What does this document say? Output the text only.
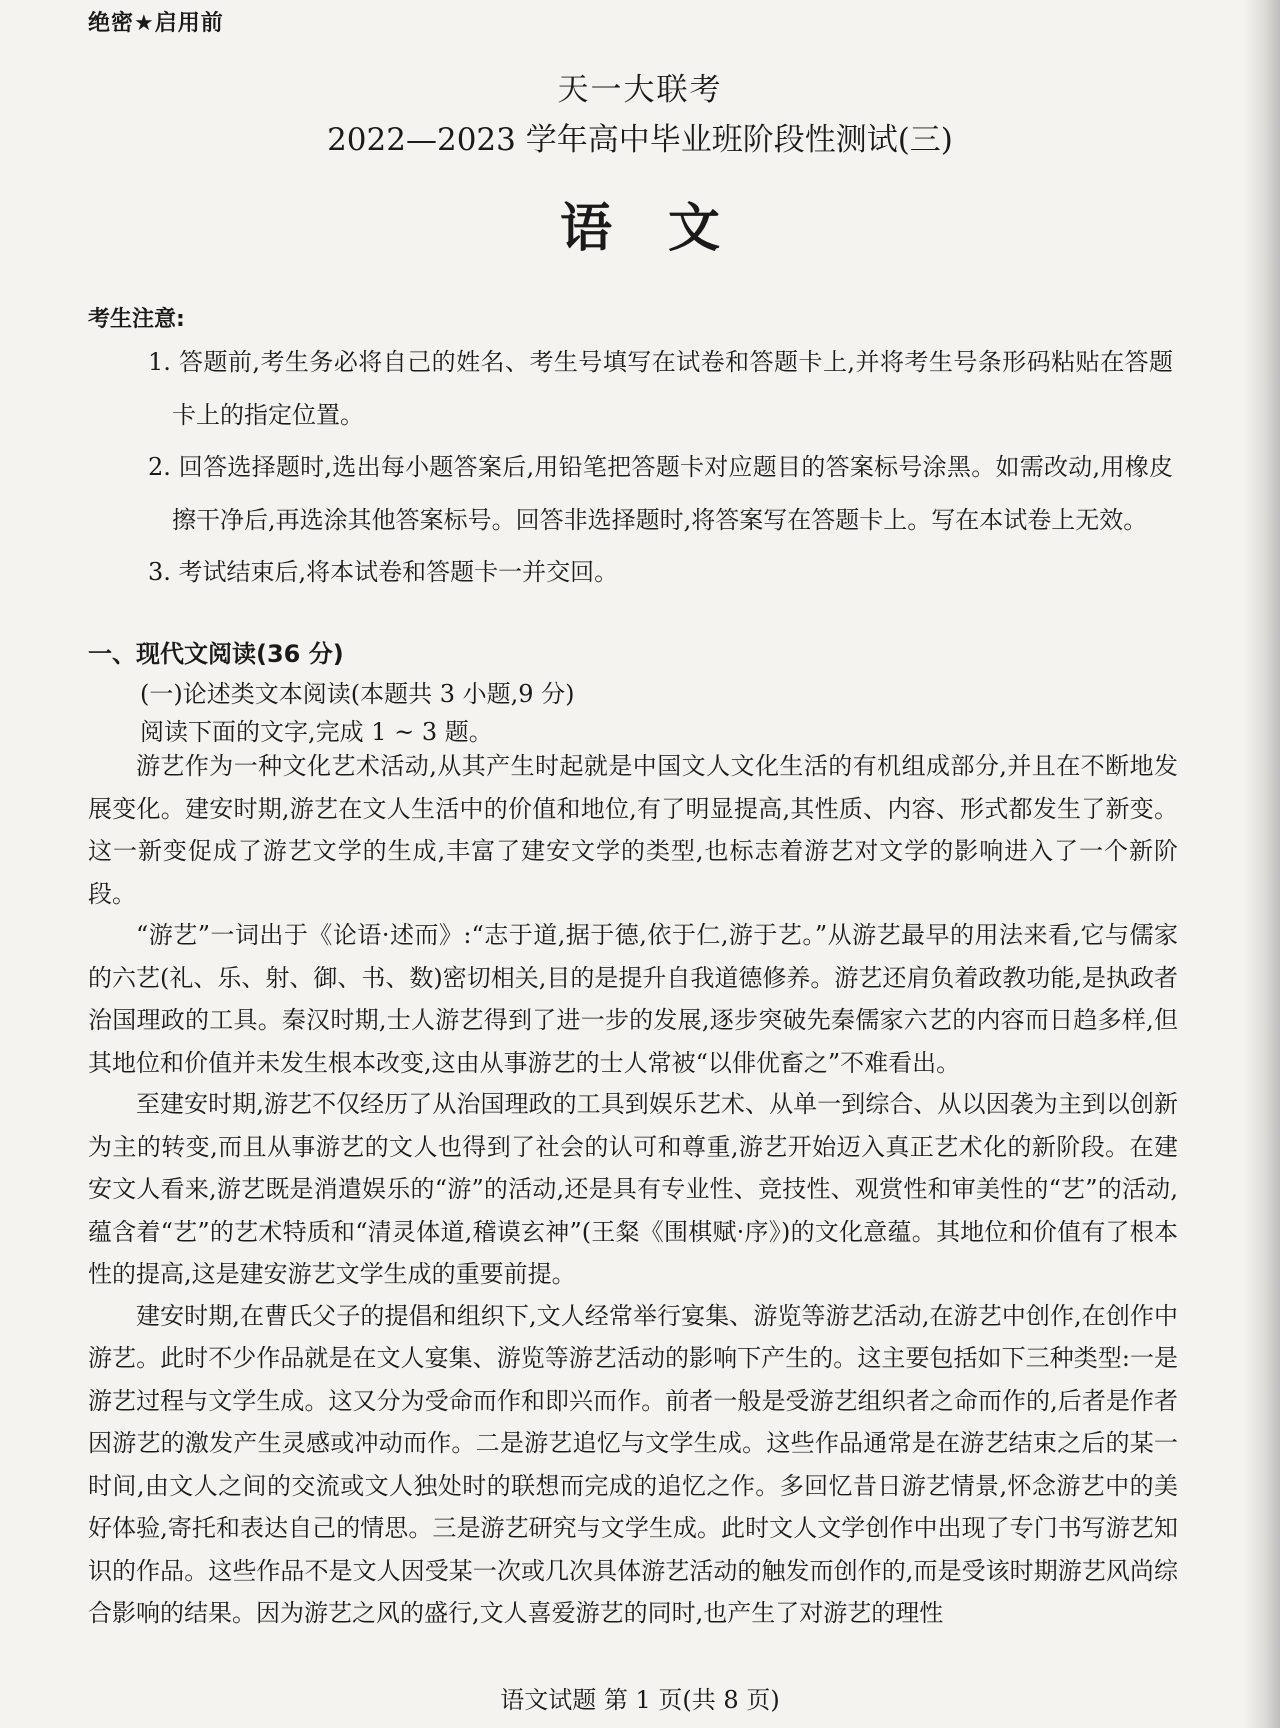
绝密★启用前
天一大联考
2022—2023 学年高中毕业班阶段性测试(三)
语文
考生注意:

1. 答题前,考生务必将自己的姓名、考生号填写在试卷和答题卡上,并将考生号条形码粘贴在答题卡上的指定位置。

2. 回答选择题时,选出每小题答案后,用铅笔把答题卡对应题目的答案标号涂黑。如需改动,用橡皮擦干净后,再选涂其他答案标号。回答非选择题时,将答案写在答题卡上。写在本试卷上无效。

3. 考试结束后,将本试卷和答题卡一并交回。

一、现代文阅读(36 分)
(一)论述类文本阅读(本题共 3 小题,9 分)
阅读下面的文字,完成 1 ~ 3 题。

游艺作为一种文化艺术活动,从其产生时起就是中国文人文化生活的有机组成部分,并且在不断地发展变化。建安时期,游艺在文人生活中的价值和地位,有了明显提高,其性质、内容、形式都发生了新变。这一新变促成了游艺文学的生成,丰富了建安文学的类型,也标志着游艺对文学的影响进入了一个新阶段。

“游艺”一词出于《论语·述而》:“志于道,据于德,依于仁,游于艺。”从游艺最早的用法来看,它与儒家的六艺(礼、乐、射、御、书、数)密切相关,目的是提升自我道德修养。游艺还肩负着政教功能,是执政者治国理政的工具。秦汉时期,士人游艺得到了进一步的发展,逐步突破先秦儒家六艺的内容而日趋多样,但其地位和价值并未发生根本改变,这由从事游艺的士人常被“以俳优畜之”不难看出。

至建安时期,游艺不仅经历了从治国理政的工具到娱乐艺术、从单一到综合、从以因袭为主到以创新为主的转变,而且从事游艺的文人也得到了社会的认可和尊重,游艺开始迈入真正艺术化的新阶段。在建安文人看来,游艺既是消遣娱乐的“游”的活动,还是具有专业性、竞技性、观赏性和审美性的“艺”的活动,蕴含着“艺”的艺术特质和“清灵体道,稽谟玄神”(王粲《围棋赋·序》)的文化意蕴。其地位和价值有了根本性的提高,这是建安游艺文学生成的重要前提。

建安时期,在曹氏父子的提倡和组织下,文人经常举行宴集、游览等游艺活动,在游艺中创作,在创作中游艺。此时不少作品就是在文人宴集、游览等游艺活动的影响下产生的。这主要包括如下三种类型:一是游艺过程与文学生成。这又分为受命而作和即兴而作。前者一般是受游艺组织者之命而作的,后者是作者因游艺的激发产生灵感或冲动而作。二是游艺追忆与文学生成。这些作品通常是在游艺结束之后的某一时间,由文人之间的交流或文人独处时的联想而完成的追忆之作。多回忆昔日游艺情景,怀念游艺中的美好体验,寄托和表达自己的情思。三是游艺研究与文学生成。此时文人文学创作中出现了专门书写游艺知识的作品。这些作品不是文人因受某一次或几次具体游艺活动的触发而创作的,而是受该时期游艺风尚综合影响的结果。因为游艺之风的盛行,文人喜爱游艺的同时,也产生了对游艺的理性

语文试题 第 1 页(共 8 页)
